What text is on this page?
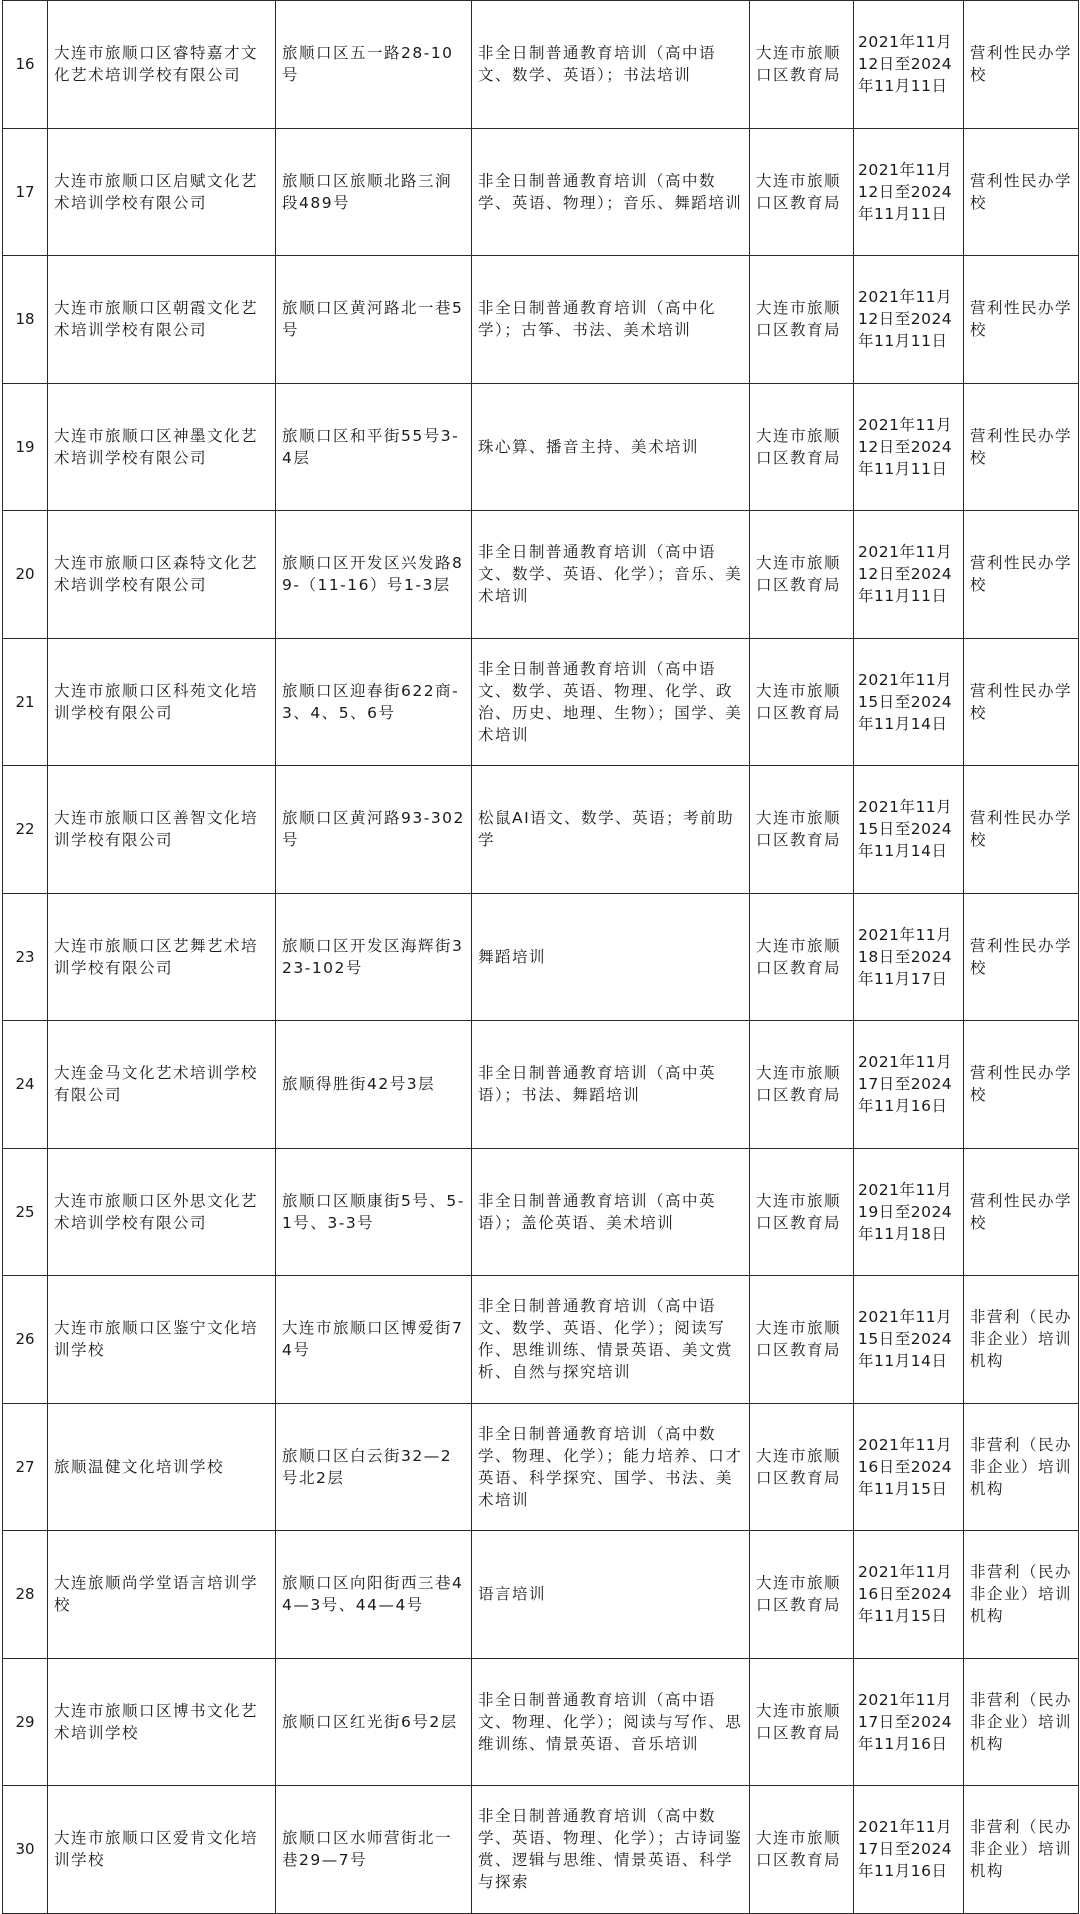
16	大连市旅顺口区睿特嘉才文化艺术培训学校有限公司	旅顺口区五一路28-10号	非全日制普通教育培训（高中语文、数学、英语）；书法培训	大连市旅顺口区教育局	2021年11月12日至2024年11月11日	营利性民办学校
17	大连市旅顺口区启赋文化艺术培训学校有限公司	旅顺口区旅顺北路三涧段489号	非全日制普通教育培训（高中数学、英语、物理）；音乐、舞蹈培训	大连市旅顺口区教育局	2021年11月12日至2024年11月11日	营利性民办学校
18	大连市旅顺口区朝霞文化艺术培训学校有限公司	旅顺口区黄河路北一巷5号	非全日制普通教育培训（高中化学）；古筝、书法、美术培训	大连市旅顺口区教育局	2021年11月12日至2024年11月11日	营利性民办学校
19	大连市旅顺口区神墨文化艺术培训学校有限公司	旅顺口区和平街55号3-4层	珠心算、播音主持、美术培训	大连市旅顺口区教育局	2021年11月12日至2024年11月11日	营利性民办学校
20	大连市旅顺口区森特文化艺术培训学校有限公司	旅顺口区开发区兴发路89-（11-16）号1-3层	非全日制普通教育培训（高中语文、数学、英语、化学）；音乐、美术培训	大连市旅顺口区教育局	2021年11月12日至2024年11月11日	营利性民办学校
21	大连市旅顺口区科苑文化培训学校有限公司	旅顺口区迎春街622商-3、4、5、6号	非全日制普通教育培训（高中语文、数学、英语、物理、化学、政治、历史、地理、生物）；国学、美术培训	大连市旅顺口区教育局	2021年11月15日至2024年11月14日	营利性民办学校
22	大连市旅顺口区善智文化培训学校有限公司	旅顺口区黄河路93-302号	松鼠AI语文、数学、英语；考前助学	大连市旅顺口区教育局	2021年11月15日至2024年11月14日	营利性民办学校
23	大连市旅顺口区艺舞艺术培训学校有限公司	旅顺口区开发区海辉街323-102号	舞蹈培训	大连市旅顺口区教育局	2021年11月18日至2024年11月17日	营利性民办学校
24	大连金马文化艺术培训学校有限公司	旅顺得胜街42号3层	非全日制普通教育培训（高中英语）；书法、舞蹈培训	大连市旅顺口区教育局	2021年11月17日至2024年11月16日	营利性民办学校
25	大连市旅顺口区外思文化艺术培训学校有限公司	旅顺口区顺康街5号、5-1号、3-3号	非全日制普通教育培训（高中英语）；盖伦英语、美术培训	大连市旅顺口区教育局	2021年11月19日至2024年11月18日	营利性民办学校
26	大连市旅顺口区鉴宁文化培训学校	大连市旅顺口区博爱街74号	非全日制普通教育培训（高中语文、数学、英语、化学）；阅读写作、思维训练、情景英语、美文赏析、自然与探究培训	大连市旅顺口区教育局	2021年11月15日至2024年11月14日	非营利（民办非企业）培训机构
27	旅顺温健文化培训学校	旅顺口区白云街32—2号北2层	非全日制普通教育培训（高中数学、物理、化学）；能力培养、口才英语、科学探究、国学、书法、美术培训	大连市旅顺口区教育局	2021年11月16日至2024年11月15日	非营利（民办非企业）培训机构
28	大连旅顺尚学堂语言培训学校	旅顺口区向阳街西三巷44—3号、44—4号	语言培训	大连市旅顺口区教育局	2021年11月16日至2024年11月15日	非营利（民办非企业）培训机构
29	大连市旅顺口区博书文化艺术培训学校	旅顺口区红光街6号2层	非全日制普通教育培训（高中语文、物理、化学）；阅读与写作、思维训练、情景英语、音乐培训	大连市旅顺口区教育局	2021年11月17日至2024年11月16日	非营利（民办非企业）培训机构
30	大连市旅顺口区爱肯文化培训学校	旅顺口区水师营街北一巷29—7号	非全日制普通教育培训（高中数学、英语、物理、化学）；古诗词鉴赏、逻辑与思维、情景英语、科学与探索	大连市旅顺口区教育局	2021年11月17日至2024年11月16日	非营利（民办非企业）培训机构
